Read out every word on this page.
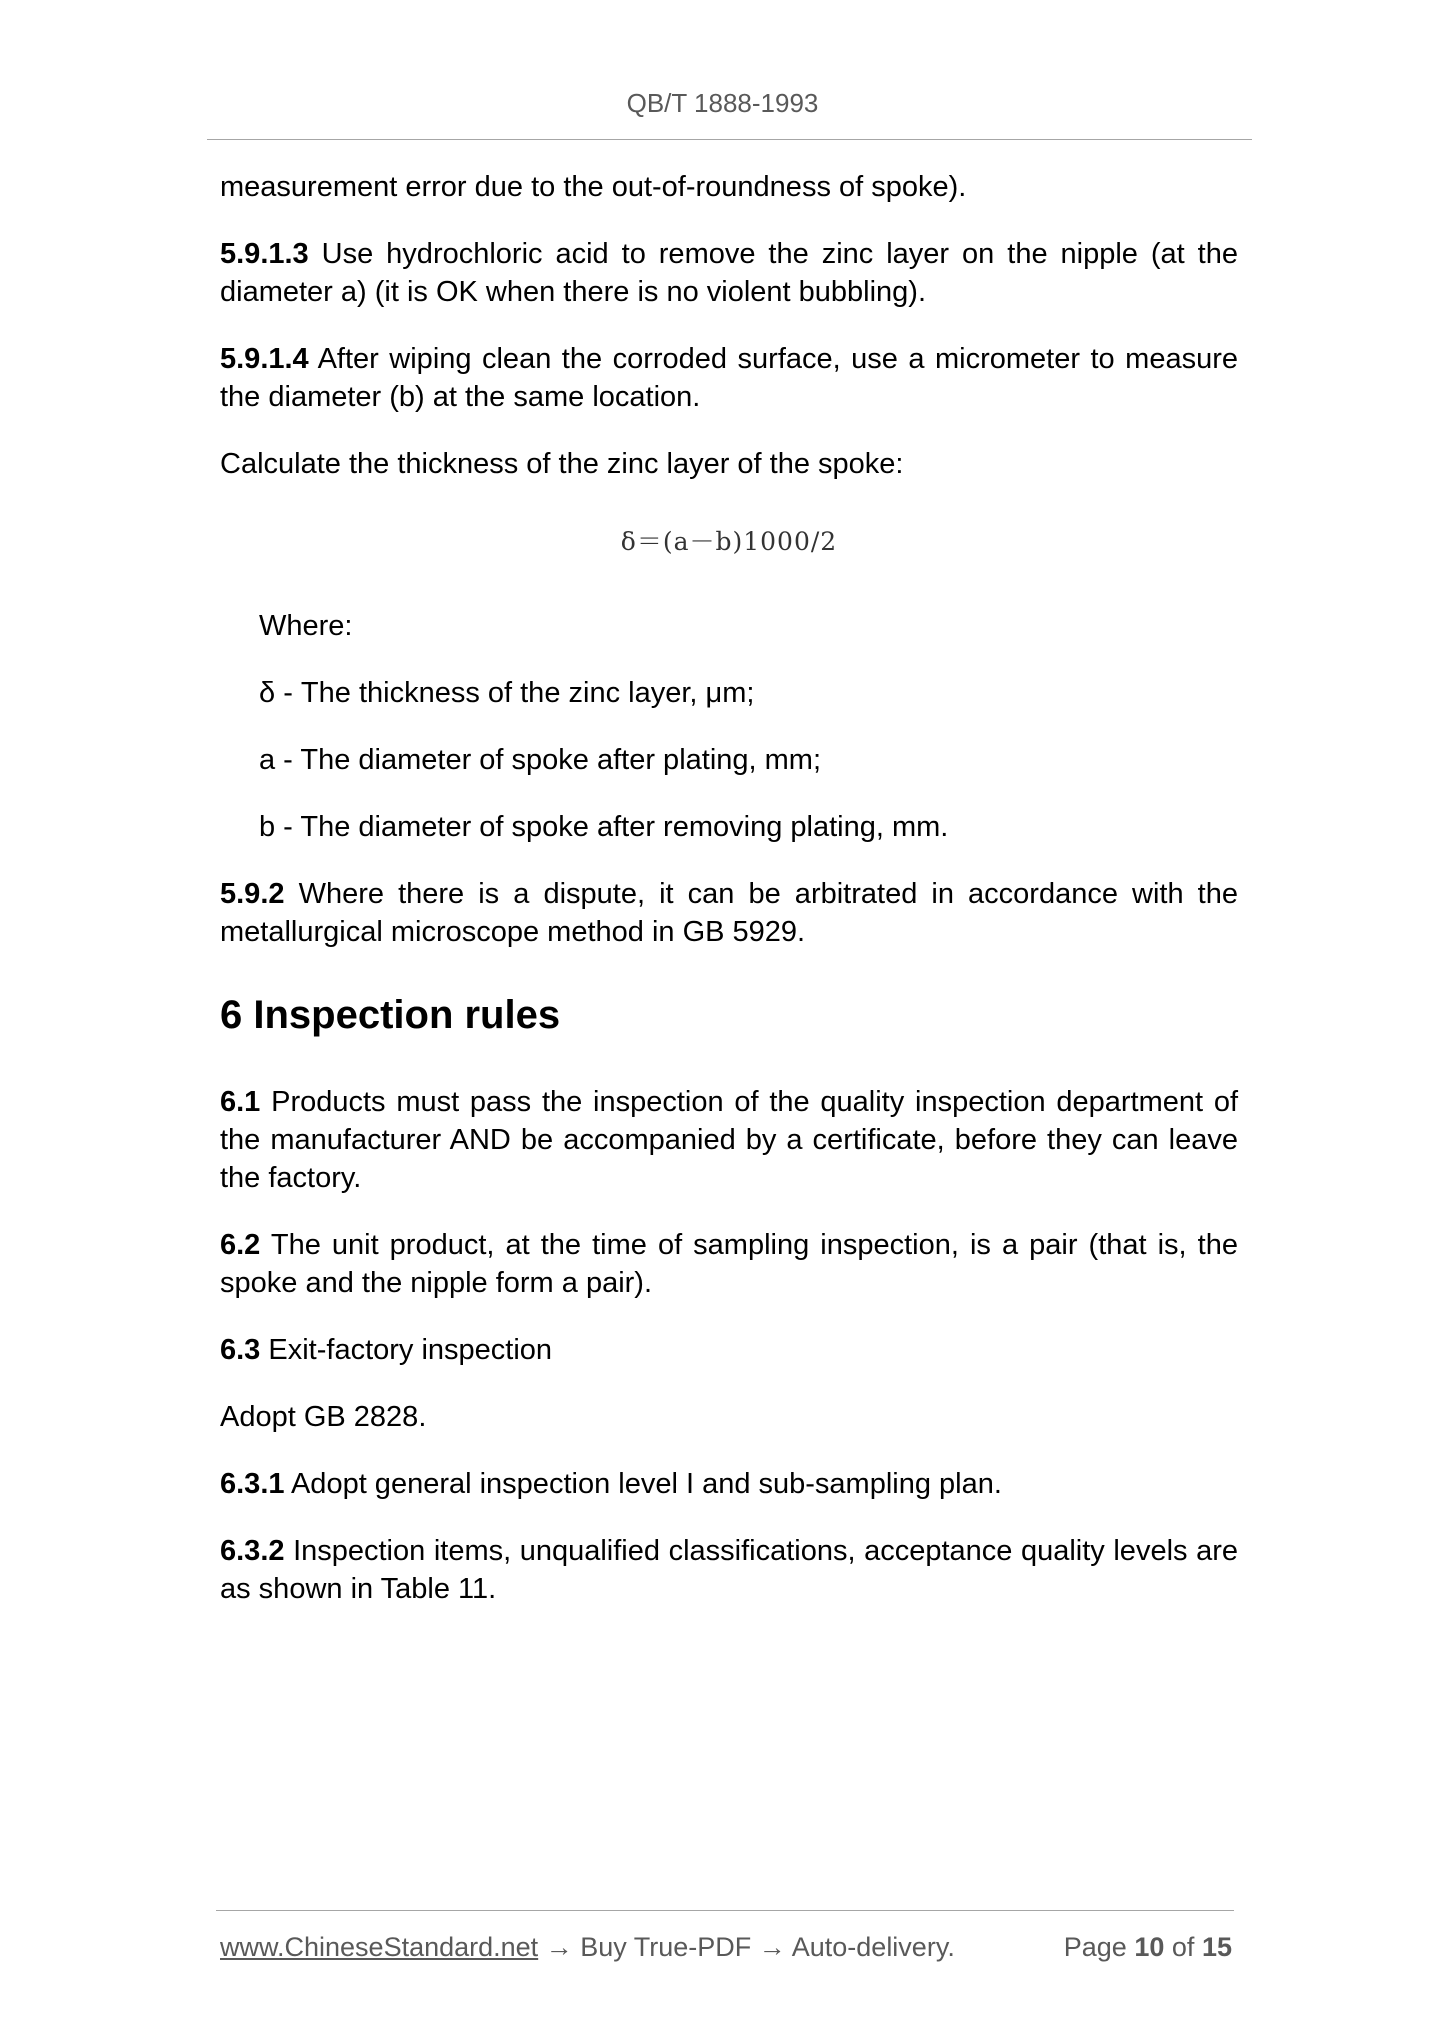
QB/T 1888-1993

measurement error due to the out-of-roundness of spoke).

5.9.1.3 Use hydrochloric acid to remove the zinc layer on the nipple (at the diameter a) (it is OK when there is no violent bubbling).

5.9.1.4 After wiping clean the corroded surface, use a micrometer to measure the diameter (b) at the same location.

Calculate the thickness of the zinc layer of the spoke:

δ＝(a－b)1000/2
Where:
δ - The thickness of the zinc layer, μm;
a - The diameter of spoke after plating, mm;
b - The diameter of spoke after removing plating, mm.

5.9.2 Where there is a dispute, it can be arbitrated in accordance with the metallurgical microscope method in GB 5929.

6 Inspection rules

6.1 Products must pass the inspection of the quality inspection department of the manufacturer AND be accompanied by a certificate, before they can leave the factory.

6.2 The unit product, at the time of sampling inspection, is a pair (that is, the spoke and the nipple form a pair).

6.3 Exit-factory inspection

Adopt GB 2828.

6.3.1 Adopt general inspection level I and sub-sampling plan.

6.3.2 Inspection items, unqualified classifications, acceptance quality levels are as shown in Table 11.

www.ChineseStandard.net → Buy True-PDF → Auto-delivery.	Page 10 of 15
